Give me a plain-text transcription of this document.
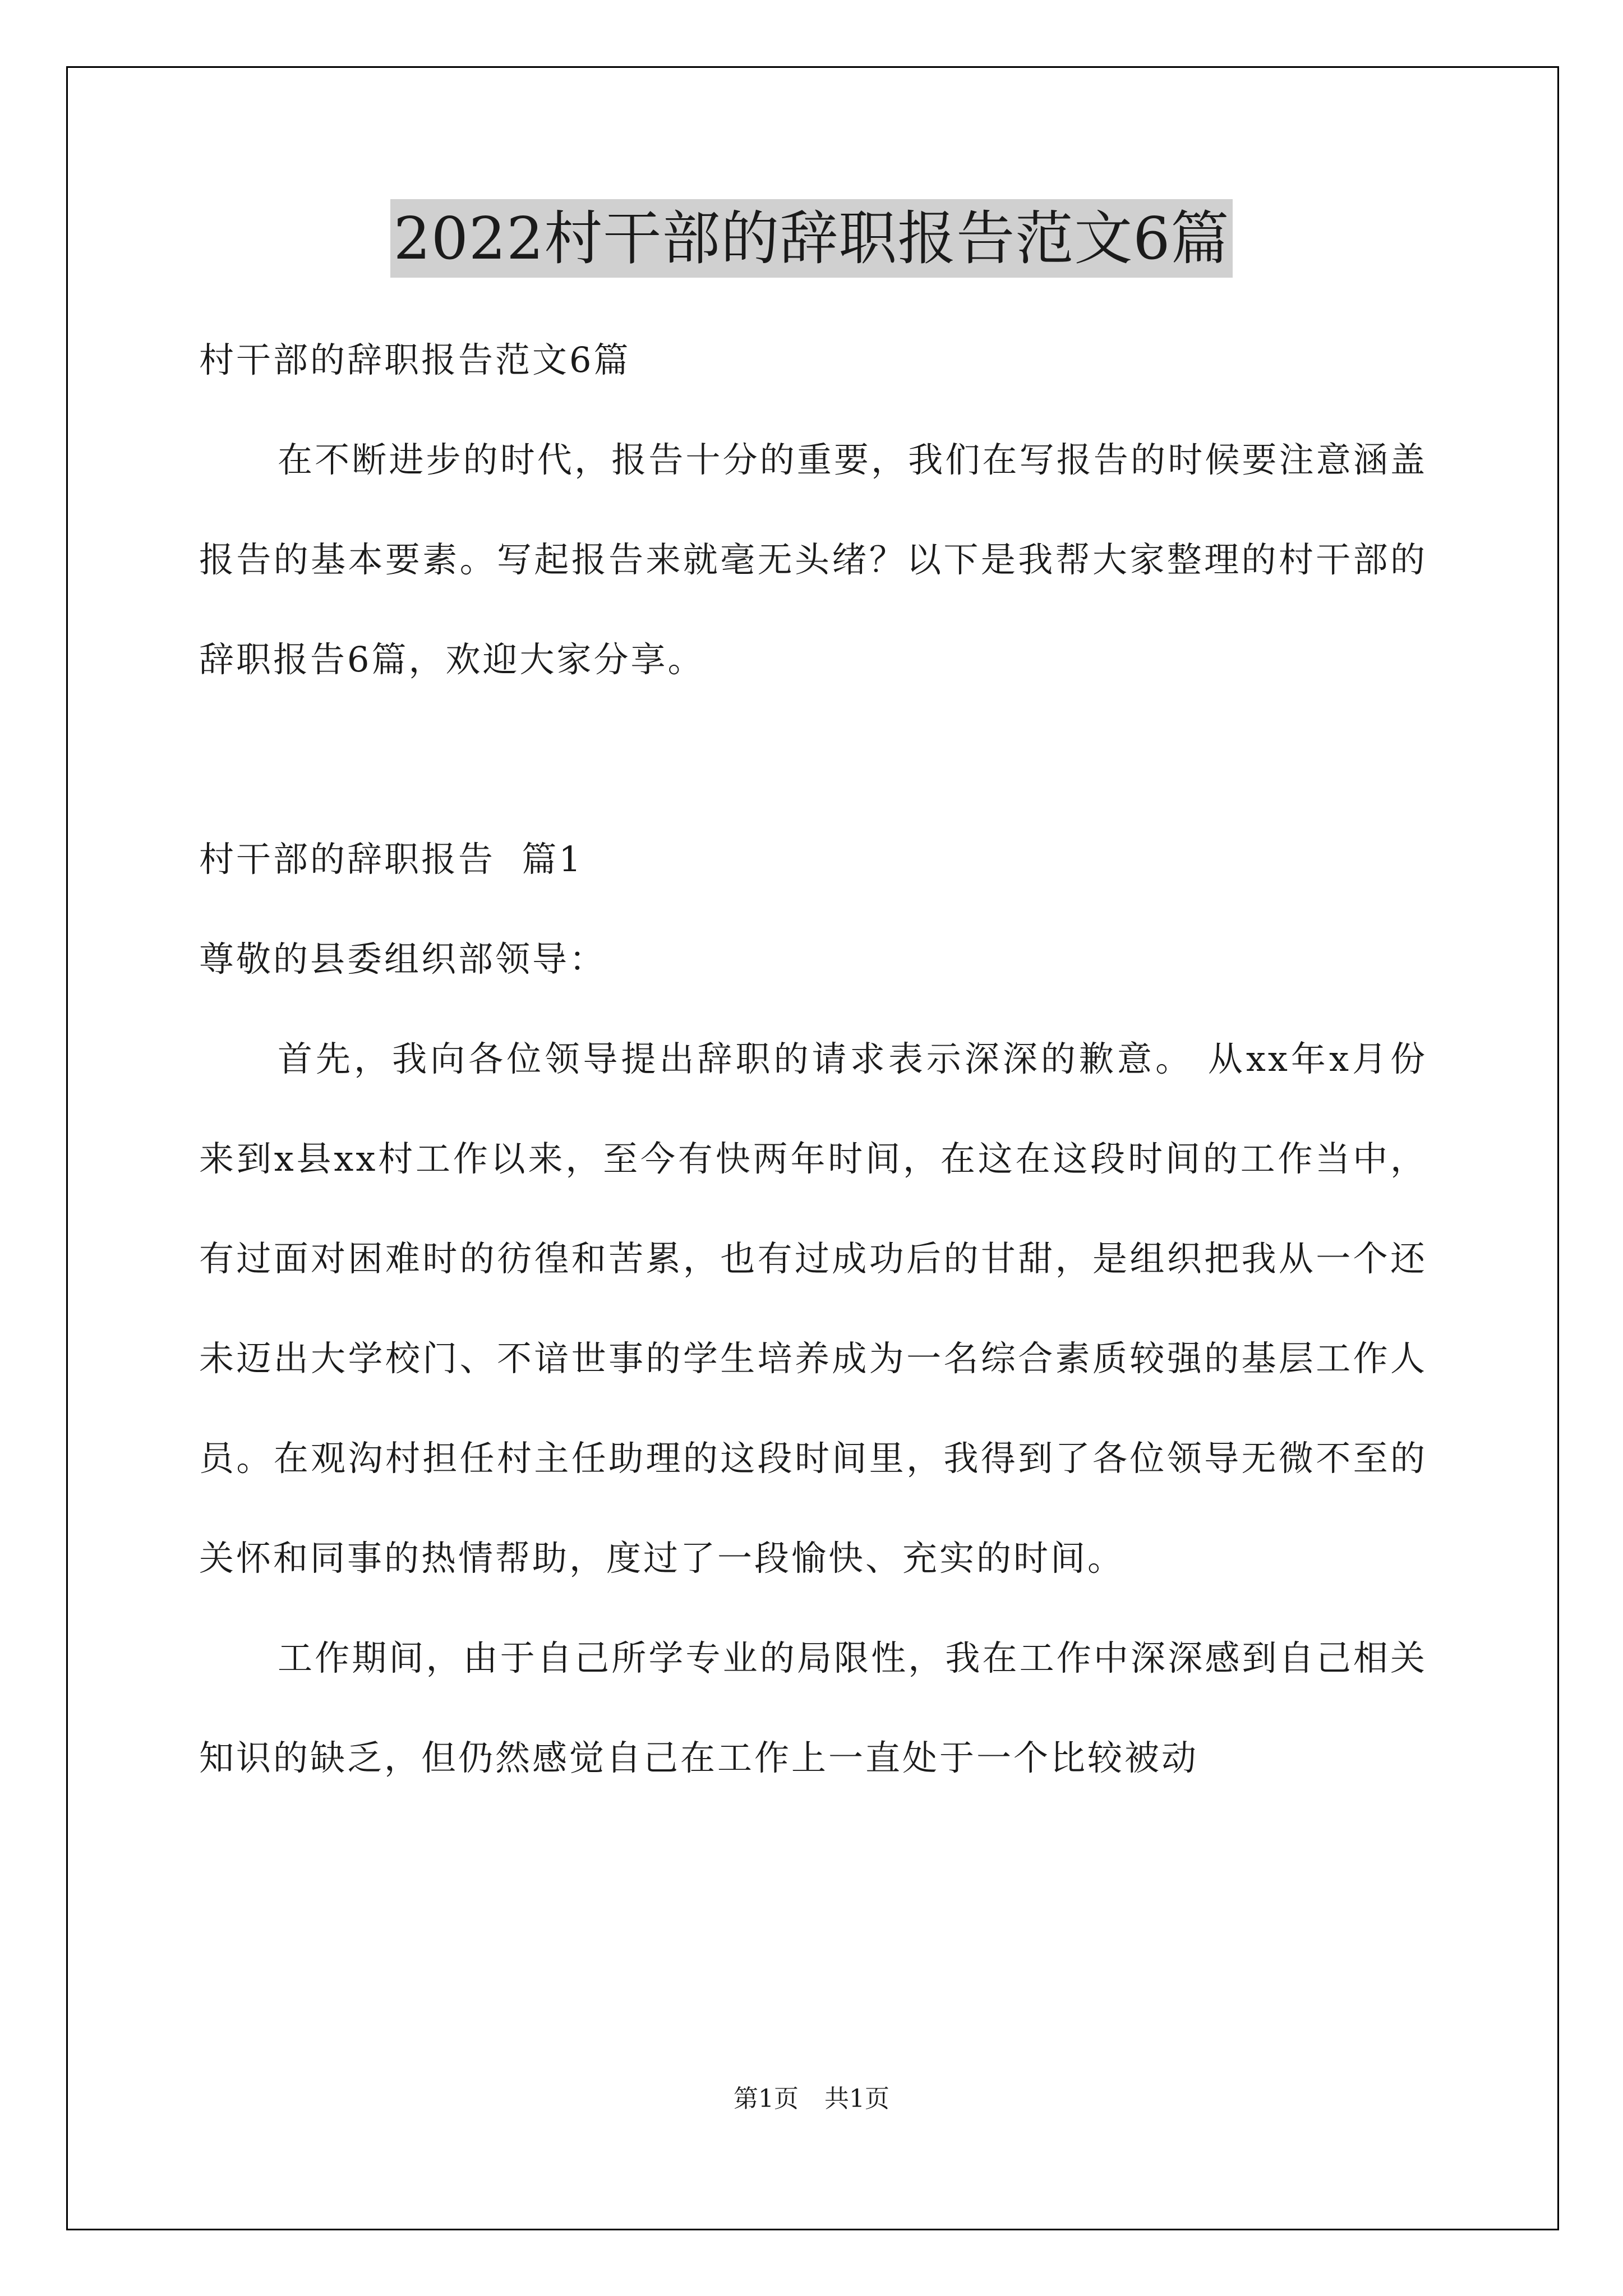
2022村干部的辞职报告范文6篇

村干部的辞职报告范文6篇

在不断进步的时代，报告十分的重要，我们在写报告的时候要注意涵盖报告的基本要素。写起报告来就毫无头绪？以下是我帮大家整理的村干部的辞职报告6篇，欢迎大家分享。

村干部的辞职报告  篇1

尊敬的县委组织部领导：

首先，我向各位领导提出辞职的请求表示深深的歉意。 从xx年x月份来到x县xx村工作以来，至今有快两年时间，在这在这段时间的工作当中，有过面对困难时的彷徨和苦累，也有过成功后的甘甜，是组织把我从一个还未迈出大学校门、不谙世事的学生培养成为一名综合素质较强的基层工作人员。在观沟村担任村主任助理的这段时间里，我得到了各位领导无微不至的关怀和同事的热情帮助，度过了一段愉快、充实的时间。

工作期间，由于自己所学专业的局限性，我在工作中深深感到自己相关知识的缺乏，但仍然感觉自己在工作上一直处于一个比较被动

第1页 共1页
